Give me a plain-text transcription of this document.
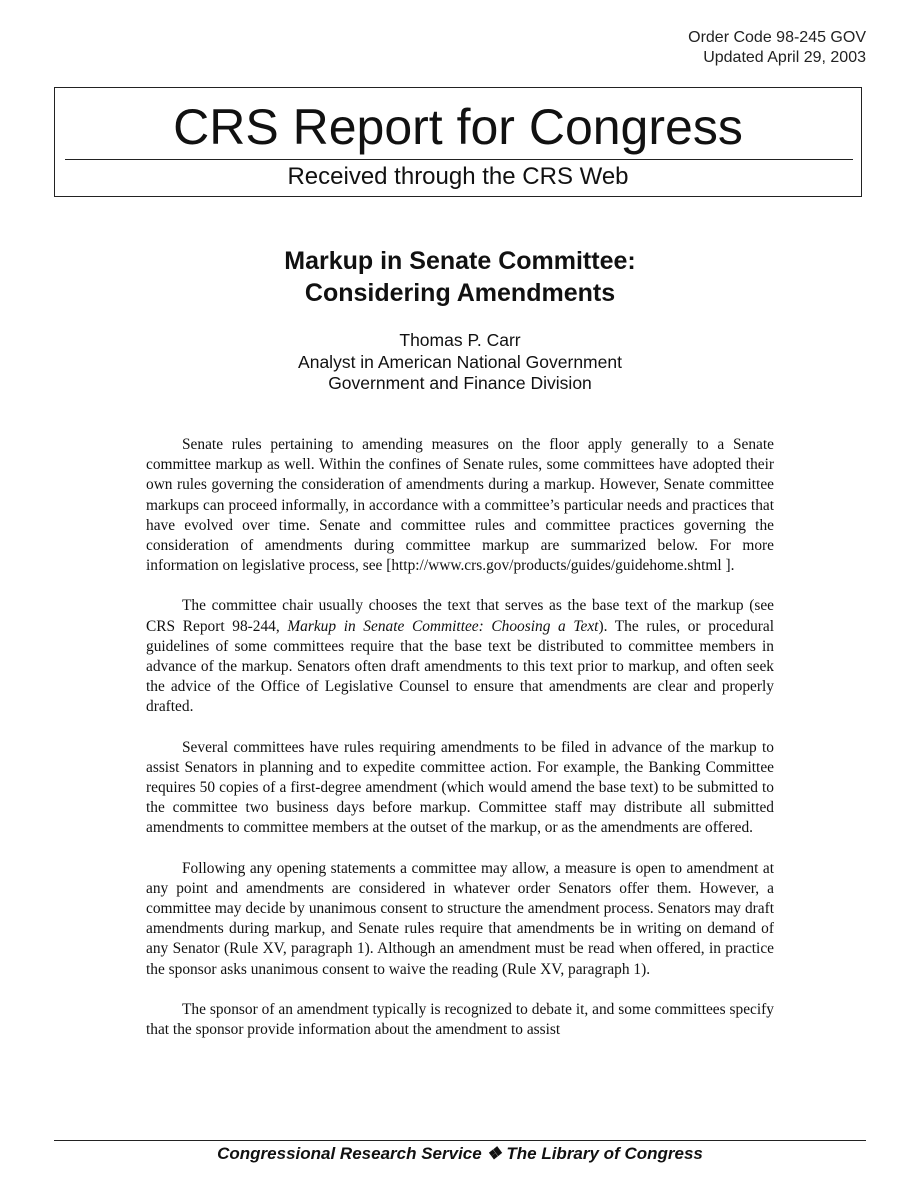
Order Code 98-245 GOV
Updated April 29, 2003
CRS Report for Congress
Received through the CRS Web
Markup in Senate Committee:
Considering Amendments
Thomas P. Carr
Analyst in American National Government
Government and Finance Division

Senate rules pertaining to amending measures on the floor apply generally to a Senate committee markup as well. Within the confines of Senate rules, some committees have adopted their own rules governing the consideration of amendments during a markup. However, Senate committee markups can proceed informally, in accordance with a committee’s particular needs and practices that have evolved over time. Senate and committee rules and committee practices governing the consideration of amendments during committee markup are summarized below. For more information on legislative process, see [http://www.crs.gov/products/guides/guidehome.shtml ].

The committee chair usually chooses the text that serves as the base text of the markup (see CRS Report 98-244, Markup in Senate Committee: Choosing a Text). The rules, or procedural guidelines of some committees require that the base text be distributed to committee members in advance of the markup. Senators often draft amendments to this text prior to markup, and often seek the advice of the Office of Legislative Counsel to ensure that amendments are clear and properly drafted.

Several committees have rules requiring amendments to be filed in advance of the markup to assist Senators in planning and to expedite committee action. For example, the Banking Committee requires 50 copies of a first-degree amendment (which would amend the base text) to be submitted to the committee two business days before markup. Committee staff may distribute all submitted amendments to committee members at the outset of the markup, or as the amendments are offered.

Following any opening statements a committee may allow, a measure is open to amendment at any point and amendments are considered in whatever order Senators offer them. However, a committee may decide by unanimous consent to structure the amendment process. Senators may draft amendments during markup, and Senate rules require that amendments be in writing on demand of any Senator (Rule XV, paragraph 1). Although an amendment must be read when offered, in practice the sponsor asks unanimous consent to waive the reading (Rule XV, paragraph 1).

The sponsor of an amendment typically is recognized to debate it, and some committees specify that the sponsor provide information about the amendment to assist

Congressional Research Service ❖ The Library of Congress
